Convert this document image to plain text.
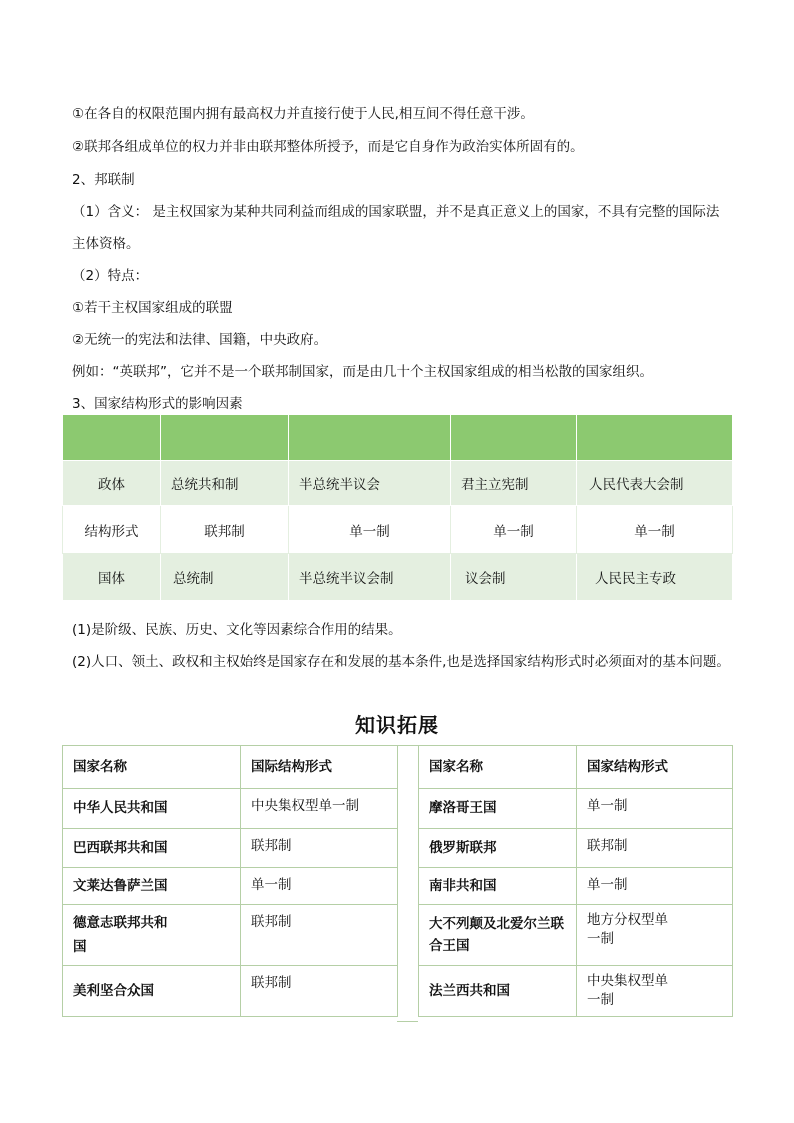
①在各自的权限范围内拥有最高权力并直接行使于人民,相互间不得任意干涉。

②联邦各组成单位的权力并非由联邦整体所授予，而是它自身作为政治实体所固有的。

2、邦联制

（1）含义： 是主权国家为某种共同利益而组成的国家联盟，并不是真正意义上的国家，不具有完整的国际法主体资格。

（2）特点：

①若干主权国家组成的联盟

②无统一的宪法和法律、国籍，中央政府。

例如：“英联邦”，它并不是一个联邦制国家，而是由几十个主权国家组成的相当松散的国家组织。

3、国家结构形式的影响因素

政体	总统共和制	半总统半议会	君主立宪制	人民代表大会制
结构形式	联邦制	单一制	单一制	单一制
国体	总统制	半总统半议会制	议会制	人民民主专政

(1)是阶级、民族、历史、文化等因素综合作用的结果。

(2)人口、领土、政权和主权始终是国家存在和发展的基本条件,也是选择国家结构形式时必须面对的基本问题。

知识拓展
国家名称	国际结构形式
中华人民共和国	中央集权型单一制
巴西联邦共和国	联邦制
文莱达鲁萨兰国	单一制
德意志联邦共和国	联邦制
美利坚合众国	联邦制
国家名称	国家结构形式
摩洛哥王国	单一制
俄罗斯联邦	联邦制
南非共和国	单一制
大不列颠及北爱尔兰联合王国	地方分权型单一制
法兰西共和国	中央集权型单一制
